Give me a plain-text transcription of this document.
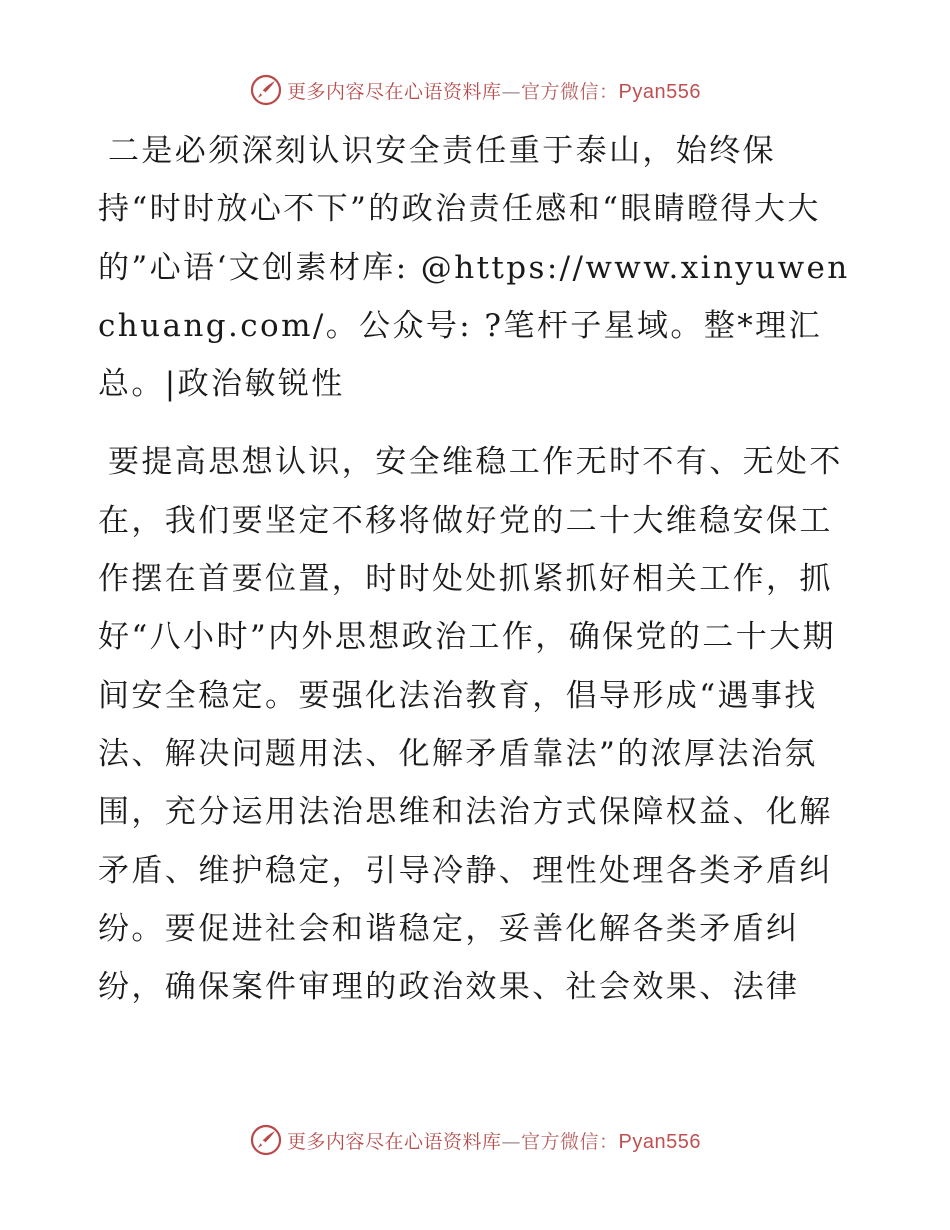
更多内容尽在心语资料库—官方微信：Pyan556

二是必须深刻认识安全责任重于泰山，始终保持“时时放心不下”的政治责任感和“眼睛瞪得大大的”心语‘文创素材库: @https://www.xinyuwenchuang.com/。公众号: ?笔杆子星域。整*理汇总。|政治敏锐性

要提高思想认识，安全维稳工作无时不有、无处不在，我们要坚定不移将做好党的二十大维稳安保工作摆在首要位置，时时处处抓紧抓好相关工作，抓好“八小时”内外思想政治工作，确保党的二十大期间安全稳定。要强化法治教育，倡导形成“遇事找法、解决问题用法、化解矛盾靠法”的浓厚法治氛围，充分运用法治思维和法治方式保障权益、化解矛盾、维护稳定，引导冷静、理性处理各类矛盾纠纷。要促进社会和谐稳定，妥善化解各类矛盾纠纷，确保案件审理的政治效果、社会效果、法律

更多内容尽在心语资料库—官方微信：Pyan556
